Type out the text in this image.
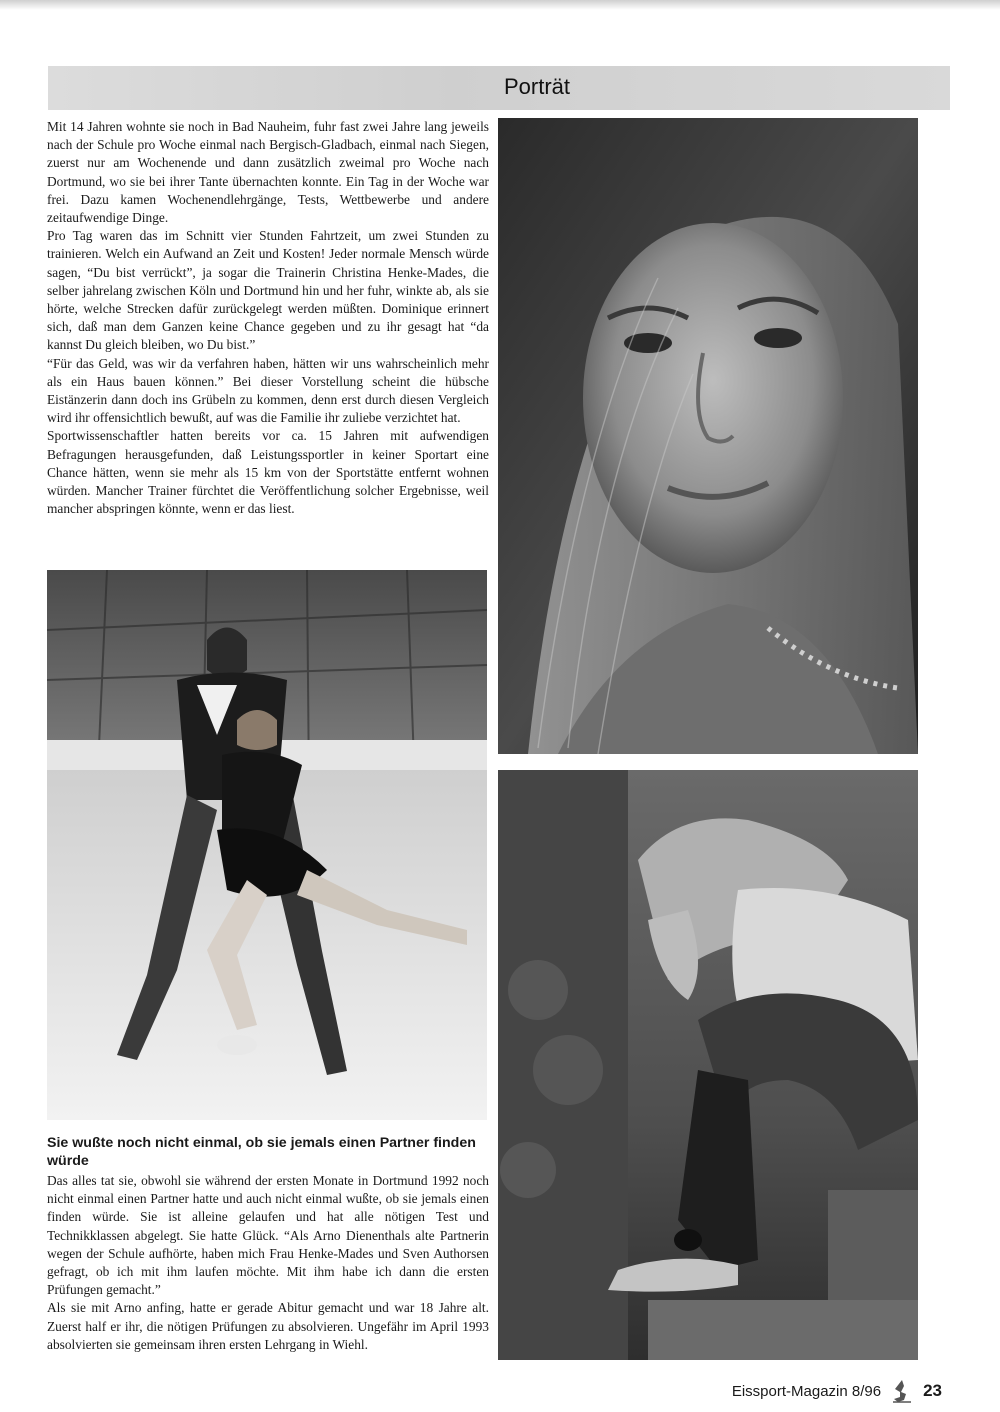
Porträt

Mit 14 Jahren wohnte sie noch in Bad Nauheim, fuhr fast zwei Jahre lang jeweils nach der Schule pro Woche einmal nach Bergisch-Gladbach, einmal nach Siegen, zuerst nur am Wochenende und dann zusätzlich zweimal pro Woche nach Dortmund, wo sie bei ihrer Tante übernachten konnte. Ein Tag in der Woche war frei. Dazu kamen Wochenendlehrgänge, Tests, Wettbewerbe und andere zeitaufwendige Dinge.

Pro Tag waren das im Schnitt vier Stunden Fahrtzeit, um zwei Stunden zu trainieren. Welch ein Aufwand an Zeit und Kosten! Jeder normale Mensch würde sagen, “Du bist verrückt”, ja sogar die Trainerin Christina Henke-Mades, die selber jahrelang zwischen Köln und Dortmund hin und her fuhr, winkte ab, als sie hörte, welche Strecken dafür zurückgelegt werden müßten. Dominique erinnert sich, daß man dem Ganzen keine Chance gegeben und zu ihr gesagt hat “da kannst Du gleich bleiben, wo Du bist.”

“Für das Geld, was wir da verfahren haben, hätten wir uns wahrscheinlich mehr als ein Haus bauen können.” Bei dieser Vorstellung scheint die hübsche Eistänzerin dann doch ins Grübeln zu kommen, denn erst durch diesen Vergleich wird ihr offensichtlich bewußt, auf was die Familie ihr zuliebe verzichtet hat.

Sportwissenschaftler hatten bereits vor ca. 15 Jahren mit aufwendigen Befragungen herausgefunden, daß Leistungssportler in keiner Sportart eine Chance hätten, wenn sie mehr als 15 km von der Sportstätte entfernt wohnen würden. Mancher Trainer fürchtet die Veröffentlichung solcher Ergebnisse, weil mancher abspringen könnte, wenn er das liest.

Sie wußte noch nicht einmal, ob sie jemals einen Partner finden würde

Das alles tat sie, obwohl sie während der ersten Monate in Dortmund 1992 noch nicht einmal einen Partner hatte und auch nicht einmal wußte, ob sie jemals einen finden würde. Sie ist alleine gelaufen und hat alle nötigen Test und Technikklassen abgelegt. Sie hatte Glück. “Als Arno Dienenthals alte Partnerin wegen der Schule aufhörte, haben mich Frau Henke-Mades und Sven Authorsen gefragt, ob ich mit ihm laufen möchte. Mit ihm habe ich dann die ersten Prüfungen gemacht.”

Als sie mit Arno anfing, hatte er gerade Abitur gemacht und war 18 Jahre alt. Zuerst half er ihr, die nötigen Prüfungen zu absolvieren. Ungefähr im April 1993 absolvierten sie gemeinsam ihren ersten Lehrgang in Wiehl.

Eissport-Magazin 8/96 23
